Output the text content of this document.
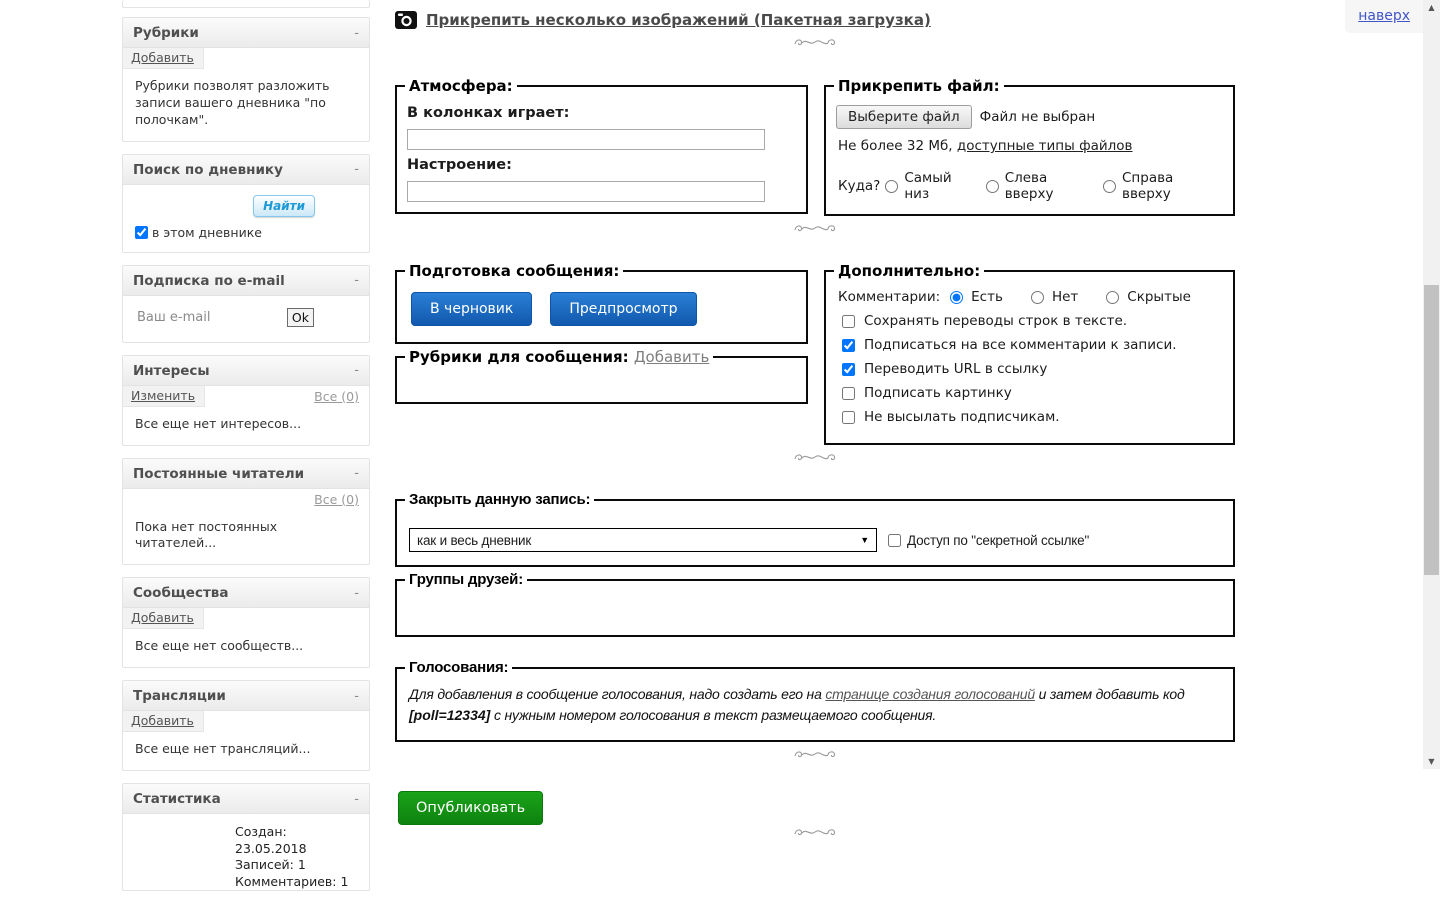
Рубрики	-
Добавить
Рубрики позволят разложить записи вашего дневника "по полочкам".
Поиск по дневнику	-
Найти
в этом дневнике
Подписка по e-mail	-
Ваш e-mail
Ok
Интересы	-
Изменить	Все (0)
Все еще нет интересов...
Постоянные читатели	-
Все (0)
Пока нет постоянных читателей...
Сообщества	-
Добавить
Все еще нет сообществ...
Трансляции	-
Добавить
Все еще нет трансляций...
Статистика	-
Создан: 23.05.2018
Записей: 1
Комментариев: 1
Прикрепить несколько изображений (Пакетная загрузка)
Атмосфера:
В колонках играет:
Настроение:
Прикрепить файл:
Выберите файл	Файл не выбран
Не более 32 Мб, доступные типы файлов
Куда? Самый низ
Слева вверху
Справа вверху
Подготовка сообщения:
В черновик	Предпросмотр
Рубрики для сообщения: Добавить
Дополнительно:
Комментарии: Есть	Нет	Скрытые
Сохранять переводы строк в тексте.
Подписаться на все комментарии к записи.
Переводить URL в ссылку
Подписать картинку
Не высылать подписчикам.
Закрыть данную запись:
как и весь дневник	▼	Доступ по "секретной ссылке"
Группы друзей:
Голосования:

Для добавления в сообщение голосования, надо создать его на странице создания голосований и затем добавить код [poll=12334] с нужным номером голосования в текст размещаемого сообщения.

Опубликовать
наверх
▲
▼
